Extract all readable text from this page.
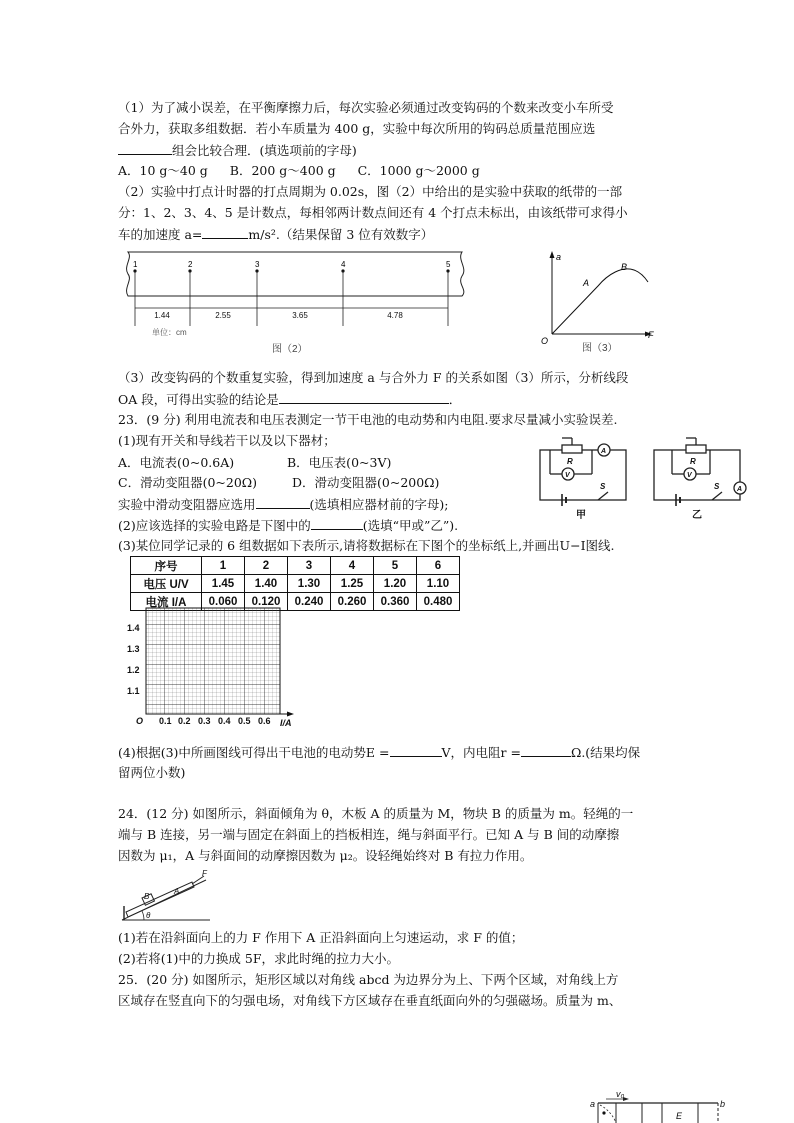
（1）为了减小误差，在平衡摩擦力后，每次实验必须通过改变钩码的个数来改变小车所受
合外力，获取多组数据．若小车质量为 400 g，实验中每次所用的钩码总质量范围应选
组会比较合理．(填选项前的字母)
A．10 g～40 g B．200 g～400 g C．1000 g～2000 g
（2）实验中打点计时器的打点周期为 0.02s，图（2）中给出的是实验中获取的纸带的一部
分：1、2、3、4、5 是计数点，每相邻两计数点间还有 4 个打点未标出，由该纸带可求得小
车的加速度 a=	m/s².（结果保留 3 位有效数字）
1	2	3	4	5
1.44	2.55	3.65	4.78
单位：cm
图（2）
a
F
O
A
B
图（3）
（3）改变钩码的个数重复实验，得到加速度 a 与合外力 F 的关系如图（3）所示，分析线段
OA 段，可得出实验的结论是	．
23．(9 分) 利用电流表和电压表测定一节干电池的电动势和内电阻.要求尽量减小实验误差.
(1)现有开关和导线若干以及以下器材；
A．电流表(0~0.6A)	B．电压表(0~3V)
C．滑动变阻器(0~20Ω)	D．滑动变阻器(0~200Ω)
实验中滑动变阻器应选用	(选填相应器材前的字母);
(2)应该选择的实验电路是下图中的	(选填“甲或”乙”).
(3)某位同学记录的 6 组数据如下表所示,请将数据标在下图个的坐标纸上,并画出U−I图线.
R
A
V
S
甲
R
V
A
S
乙
序号	1	2	3	4	5	6
电压 U/V	1.45	1.40	1.30	1.25	1.20	1.10
电流 I/A	0.060	0.120	0.240	0.260	0.360	0.480
1.4
1.3
1.2
1.1
O 0.1 0.2 0.3 0.4 0.5 0.6 I/A
(4)根据(3)中所画图线可得出干电池的电动势E =	V，内电阻r =	Ω.(结果均保
留两位小数)
24．(12 分) 如图所示，斜面倾角为 θ，木板 A 的质量为 M，物块 B 的质量为 m。轻绳的一
端与 B 连接，另一端与固定在斜面上的挡板相连，绳与斜面平行。已知 A 与 B 间的动摩擦
因数为 μ₁，A 与斜面间的动摩擦因数为 μ₂。设轻绳始终对 B 有拉力作用。
B
A
F
θ
(1)若在沿斜面向上的力 F 作用下 A 正沿斜面向上匀速运动，求 F 的值；
(2)若将(1)中的力换成 5F，求此时绳的拉力大小。
25．(20 分) 如图所示，矩形区域以对角线 abcd 为边界分为上、下两个区域，对角线上方
区域存在竖直向下的匀强电场，对角线下方区域存在垂直纸面向外的匀强磁场。质量为 m、
a
v₀
E
b
